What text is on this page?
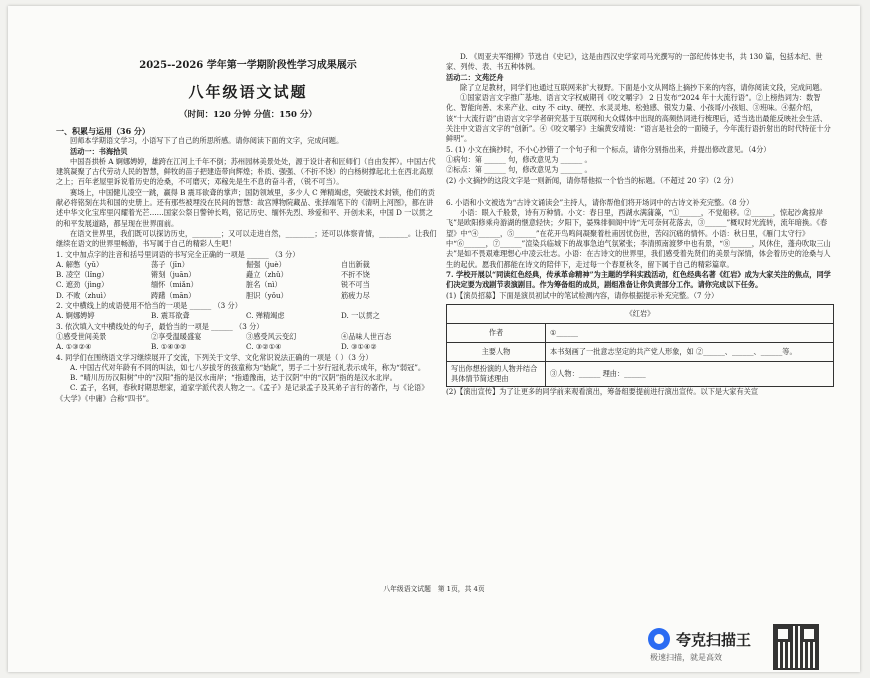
2025--2026 学年第一学期阶段性学习成果展示
八年级语文试题
（时间：120 分钟 分值：150 分）

一、积累与运用（36 分）

回师本学期语文学习，小语写下了自己的所思所感。请你阅读下面的文字，完成问题。

活动一：书海拾贝

中国吾拱桥 A 婀娜娉婷，雄跨在江河上千年不倒；苏州园林美景处处，源于设计者和匠师们（自由发挥）。中国古代建筑凝聚了古代劳动人民的智慧，鲜牧的苗子把建造带向辉煌；朴质、强强、（不折不饶）的白杨树撑起北土在西北高原之上；百年老屋里诉说着历史的沧桑，不可磨灭；邓稼先是生不息的奋斗者，（锐不可当）。

赛场上，中国健儿凌空一跳，赢得 B 震耳欲聋的掌声；国防领域里，多少人 C 殚精竭虑，突破技术封锁，他们的贡献必将铭刻在共和国的史册上。还有那些被埋没在民间的智慧：故宫博物院藏品、张择端笔下的《清明上河图》，都在讲述中华文化宝库里闪耀着光芒……国家公祭日警钟长鸣，铭记历史、缅怀先烈、珍爱和平、开创未来，中国 D 一以贯之的和平发展道路，都呈现在世界面前。

在语文世界里，我们既可以探访历史，________；又可以走进自然，________；还可以体察青情，________。让我们继续在语文的世界里畅游，书写属于自己的精彩人生吧！

1. 文中加点字的注音和括号里词语的书写完全正确的一项是 ______ （3 分）

A. 解憋（yǔ）	荡子（jīn）	倔强（juè）	自出新裁
B. 凌空（lǐng）	锵刻（juān）	矗立（zhǔ）	不折不饶
C. 遮劲（jìng）	缅怀（miǎn）	脏名（nì）	锐不可当
D. 不败（zhuì）	踌躇（mān）	胆识（yǒu）	筋疲力尽

2. 文中横线上的成语使用不恰当的一项是 ______ （3 分）

A. 婀娜娉婷	B. 震耳欲聋	C. 殚精竭虑	D. 一以贯之

3. 依次填入文中横线处的句子，最恰当的一项是 ______ （3 分）

①感受世间美景	②享受温暖盛宴	③感受风云变幻	④品味人世百态
A. ①③②④	B. ①④③②	C. ③②①④	D. ③①④②

4. 同学们在围绕语文学习继续展开了交流，下列关于文学、文化常识说法正确的一项是（ ）（3 分）

A. 中国古代对年龄有不同的叫法，如七八岁拔牙的孩童称为“始龀”，男子二十岁行冠礼表示成年，称为“弱冠”。

B. “晴川历历汉阳树”中的“汉阳”指的是汉水南岸；“指通豫南，达于汉阴”中的“汉阴”指的是汉水北岸。

C. 孟子，名轲，春秋时期思想家，道家学派代表人物之一。《孟子》是记录孟子及其弟子言行的著作，与《论语》《大学》《中庸》合称“四书”。

D. 《周亚夫军细柳》节选自《史记》，这是由西汉史学家司马光撰写的一部纪传体史书，共 130 篇，包括本纪、世家、列传、表、书五种体例。

活动二：文苑泛舟

除了立足教材，同学们也通过互联网来扩大视野。下面是小文从网络上摘抄下来的内容，请你阅读文段，完成问题。

①国家语言文字推广基地、语言文字权威期刊《咬文嚼字》 2 日发布“2024 年十大流行语”。②上榜热词为：数智化、智能向善、未来产业、city 不 city、硬控、水灵灵地、松弛感、银发力量、小孩哥/小孩姐、③班味。④据介绍，该“十大流行语”由语言文字学者研究基于互联网和大众媒体中出现的高频热词进行梳理后，适当选出最能反映社会生活、关注中文语言文字的“创新”。④《咬文嚼字》主编黄安靖说：“语言是社会的一面镜子，今年流行语折射出的时代特征十分鲜明”。

5. (1) 小文在摘抄时，不小心抄错了一个句子和一个标点，请你分别指出来，并提出修改意见。（4分）

①病句：第 ______ 句，修改意见为 ______ 。

②标点：第 ______ 句，修改意见为 ______ 。

(2) 小文摘抄的这段文字是一则新闻，请你帮他拟一个恰当的标题。（不超过 20 字）（2 分）

6. 小语和小文被选为“古诗文诵读会”主持人，请你帮他们将开场词中的古诗文补充完整。（8 分）

小语：眼入千般景，诗有万种情。小文：春日里，西湖水满蒲藻，“①______，不觉船移。②______，惊起沙禽掠岸飞”是欧阳修乘舟游湖的惬意轻快；夕阳下，晏殊徘徊阁中诗“无可奈何花落去，③______”概叹时光流转，流年暗换。《春望》中“④______，⑤______”在花开鸟鸣间凝聚着杜甫因忧伤世，苦闷沉痛的情怀。小语：秋日里，《雁门太守行》中“⑥______，⑦______”渲染兵临城下的战事急迫气氛紧张；李清照南渡梦中也有景，“⑧______，风休住，蓬舟吹取三山去”是如不畏艰难理想心中凌云壮志。小语：在古诗文的世界里，我们感受着先贤们的美景与深情，体会着历史的沧桑与人生的起伏。愿我们都能在诗文的陪伴下，走过每一个春夏秋冬，留下属于自己的精彩篇章。

7. 学校开展以“同读红色经典，传承革命精神”为主题的学科实践活动，红色经典名著《红岩》成为大家关注的焦点，同学们决定要为戏剧节表演剧目。作为筹备组的成员，剧组准备让你负责部分工作。请你完成以下任务。

(1)【演员招募】下面是演员初试中的笔试检测内容，请你根据提示补充完整。（7 分）

《红岩》	
作者	①______
主要人物	本书刻画了一批意志坚定的共产党人形象，如 ②______、______、______等。
写出你想扮演的人物并结合具体情节简述理由	③人物：______ 理由：______

(2)【演出宣传】为了让更多的同学前来观看演出，筹备组要提前进行演出宣传。以下是大家有关宣

八年级语文试题　第 1页，共 4页
夸克扫描王
极速扫描，就是高效
